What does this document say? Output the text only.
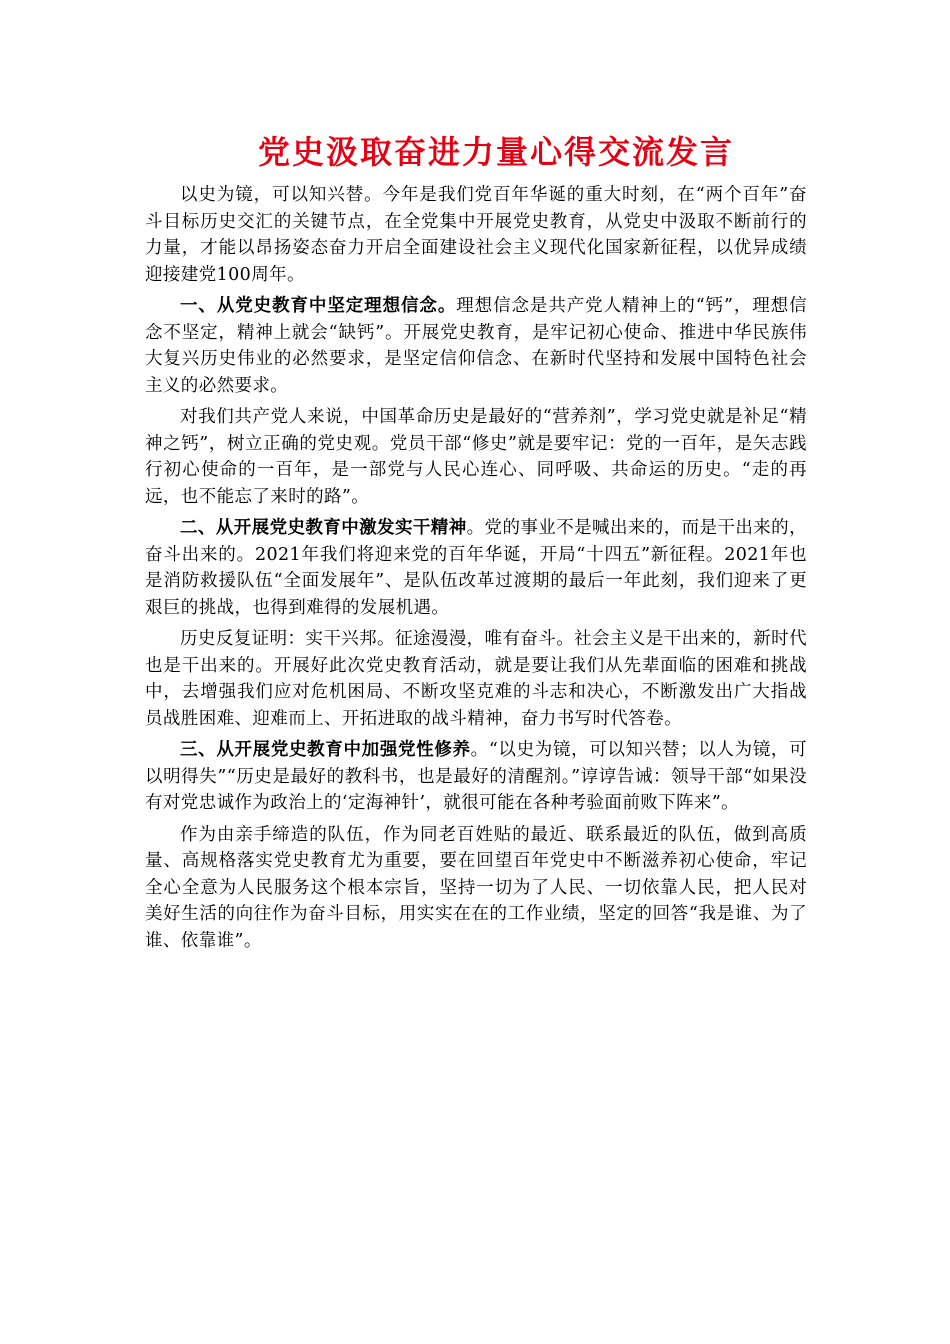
党史汲取奋进力量心得交流发言

以史为镜，可以知兴替。今年是我们党百年华诞的重大时刻，在“两个百年”奋斗目标历史交汇的关键节点，在全党集中开展党史教育，从党史中汲取不断前行的力量，才能以昂扬姿态奋力开启全面建设社会主义现代化国家新征程，以优异成绩迎接建党100周年。

一、从党史教育中坚定理想信念。理想信念是共产党人精神上的“钙”，理想信念不坚定，精神上就会“缺钙”。开展党史教育，是牢记初心使命、推进中华民族伟大复兴历史伟业的必然要求，是坚定信仰信念、在新时代坚持和发展中国特色社会主义的必然要求。

对我们共产党人来说，中国革命历史是最好的“营养剂”，学习党史就是补足“精神之钙”，树立正确的党史观。党员干部“修史”就是要牢记：党的一百年，是矢志践行初心使命的一百年，是一部党与人民心连心、同呼吸、共命运的历史。“走的再远，也不能忘了来时的路”。

二、从开展党史教育中激发实干精神。党的事业不是喊出来的，而是干出来的，奋斗出来的。2021年我们将迎来党的百年华诞，开局“十四五”新征程。2021年也是消防救援队伍“全面发展年”、是队伍改革过渡期的最后一年此刻，我们迎来了更艰巨的挑战，也得到难得的发展机遇。

历史反复证明：实干兴邦。征途漫漫，唯有奋斗。社会主义是干出来的，新时代也是干出来的。开展好此次党史教育活动，就是要让我们从先辈面临的困难和挑战中，去增强我们应对危机困局、不断攻坚克难的斗志和决心，不断激发出广大指战员战胜困难、迎难而上、开拓进取的战斗精神，奋力书写时代答卷。

三、从开展党史教育中加强党性修养。“以史为镜，可以知兴替；以人为镜，可以明得失”“历史是最好的教科书，也是最好的清醒剂。”谆谆告诫：领导干部“如果没有对党忠诚作为政治上的‘定海神针’，就很可能在各种考验面前败下阵来”。

作为由亲手缔造的队伍，作为同老百姓贴的最近、联系最近的队伍，做到高质量、高规格落实党史教育尤为重要，要在回望百年党史中不断滋养初心使命，牢记全心全意为人民服务这个根本宗旨，坚持一切为了人民、一切依靠人民，把人民对美好生活的向往作为奋斗目标，用实实在在的工作业绩，坚定的回答“我是谁、为了谁、依靠谁”。
